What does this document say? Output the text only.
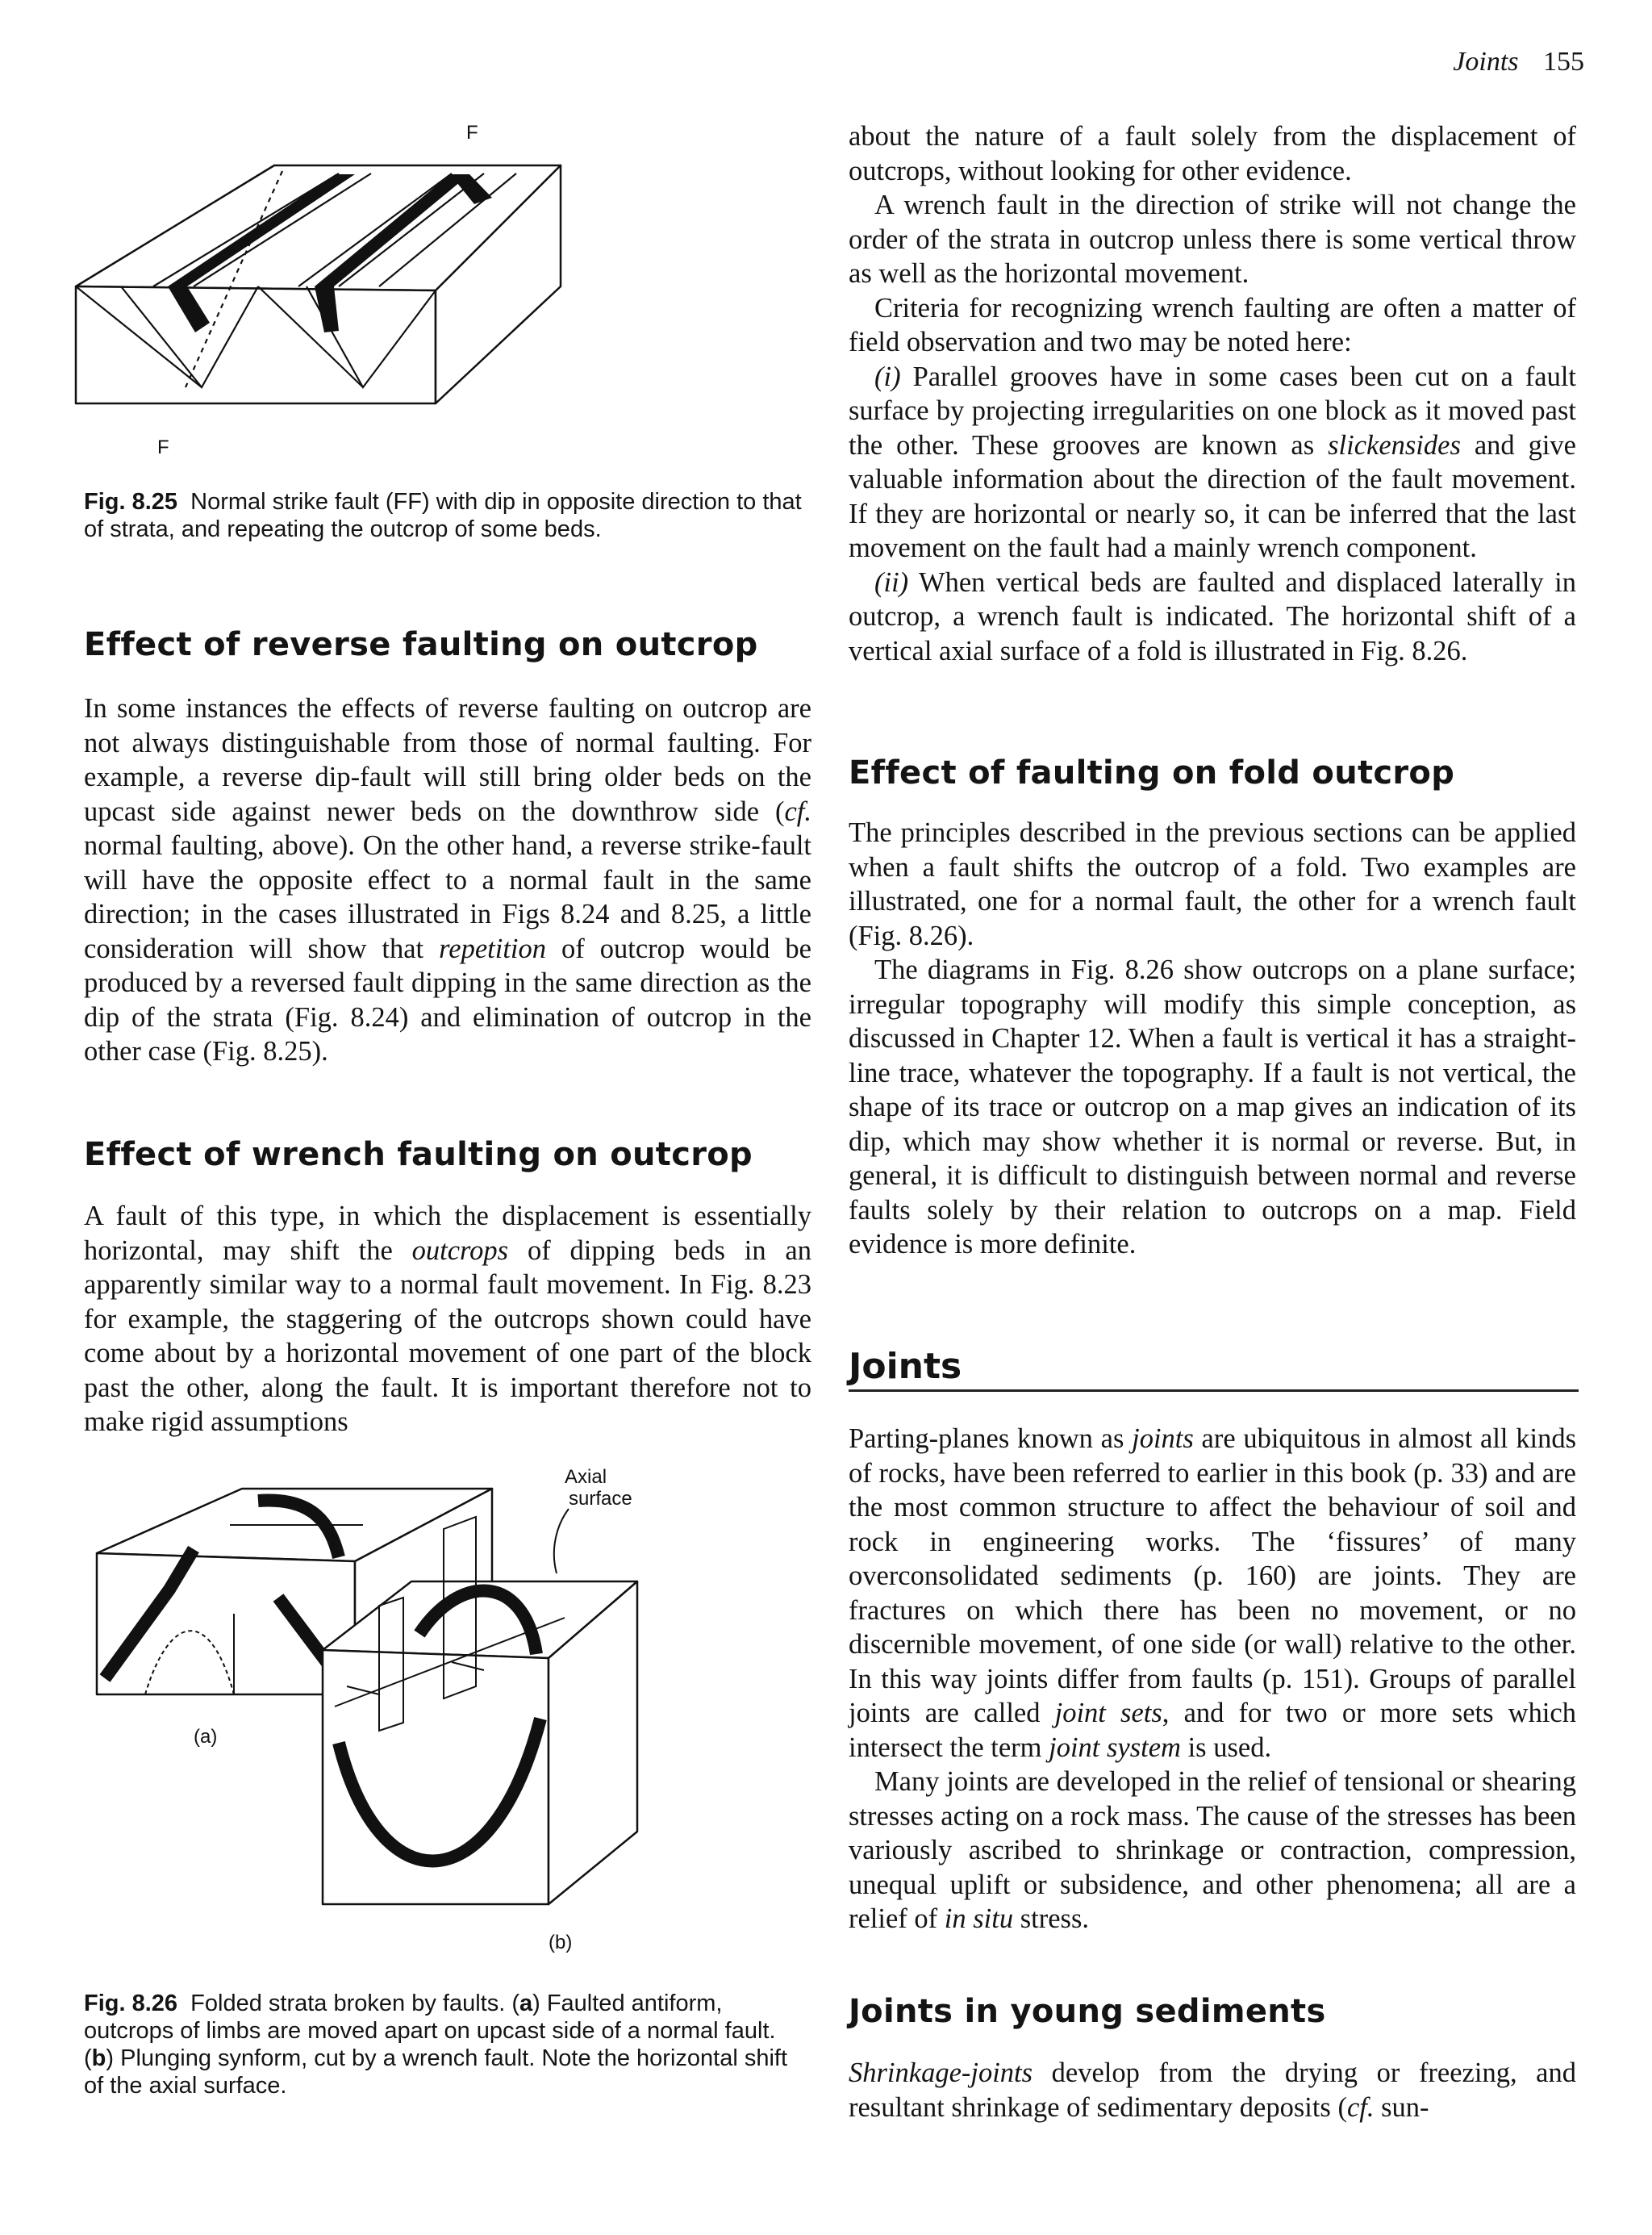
Joints 155
F
F
Fig. 8.25 Normal strike fault (FF) with dip in opposite direction to that of strata, and repeating the outcrop of some beds.
Effect of reverse faulting on outcrop

In some instances the effects of reverse faulting on outcrop are not always distinguishable from those of normal faulting. For example, a reverse dip-fault will still bring older beds on the upcast side against newer beds on the downthrow side (cf. normal faulting, above). On the other hand, a reverse strike-fault will have the opposite effect to a normal fault in the same direction; in the cases illustrated in Figs 8.24 and 8.25, a little consideration will show that repetition of outcrop would be produced by a reversed fault dipping in the same direction as the dip of the strata (Fig. 8.24) and elimination of outcrop in the other case (Fig. 8.25).

Effect of wrench faulting on outcrop

A fault of this type, in which the displacement is essentially horizontal, may shift the outcrops of dipping beds in an apparently similar way to a normal fault movement. In Fig. 8.23 for example, the staggering of the outcrops shown could have come about by a horizontal movement of one part of the block past the other, along the fault. It is important therefore not to make rigid assumptions

(a)
(b)
Axial
surface
Fig. 8.26 Folded strata broken by faults. (a) Faulted antiform, outcrops of limbs are moved apart on upcast side of a normal fault. (b) Plunging synform, cut by a wrench fault. Note the horizontal shift of the axial surface.

about the nature of a fault solely from the displacement of outcrops, without looking for other evidence.

A wrench fault in the direction of strike will not change the order of the strata in outcrop unless there is some vertical throw as well as the horizontal movement.

Criteria for recognizing wrench faulting are often a matter of field observation and two may be noted here:

(i) Parallel grooves have in some cases been cut on a fault surface by projecting irregularities on one block as it moved past the other. These grooves are known as slickensides and give valuable information about the direction of the fault movement. If they are horizontal or nearly so, it can be inferred that the last movement on the fault had a mainly wrench component.

(ii) When vertical beds are faulted and displaced laterally in outcrop, a wrench fault is indicated. The horizontal shift of a vertical axial surface of a fold is illustrated in Fig. 8.26.

Effect of faulting on fold outcrop

The principles described in the previous sections can be applied when a fault shifts the outcrop of a fold. Two examples are illustrated, one for a normal fault, the other for a wrench fault (Fig. 8.26).

The diagrams in Fig. 8.26 show outcrops on a plane surface; irregular topography will modify this simple conception, as discussed in Chapter 12. When a fault is vertical it has a straight-line trace, whatever the topography. If a fault is not vertical, the shape of its trace or outcrop on a map gives an indication of its dip, which may show whether it is normal or reverse. But, in general, it is difficult to distinguish between normal and reverse faults solely by their relation to outcrops on a map. Field evidence is more definite.

Joints

Parting-planes known as joints are ubiquitous in almost all kinds of rocks, have been referred to earlier in this book (p. 33) and are the most common structure to affect the behaviour of soil and rock in engineering works. The ‘fissures’ of many overconsolidated sediments (p. 160) are joints. They are fractures on which there has been no movement, or no discernible movement, of one side (or wall) relative to the other. In this way joints differ from faults (p. 151). Groups of parallel joints are called joint sets, and for two or more sets which intersect the term joint system is used.

Many joints are developed in the relief of tensional or shearing stresses acting on a rock mass. The cause of the stresses has been variously ascribed to shrinkage or contraction, compression, unequal uplift or subsidence, and other phenomena; all are a relief of in situ stress.

Joints in young sediments

Shrinkage-joints develop from the drying or freezing, and resultant shrinkage of sedimentary deposits (cf. sun-
